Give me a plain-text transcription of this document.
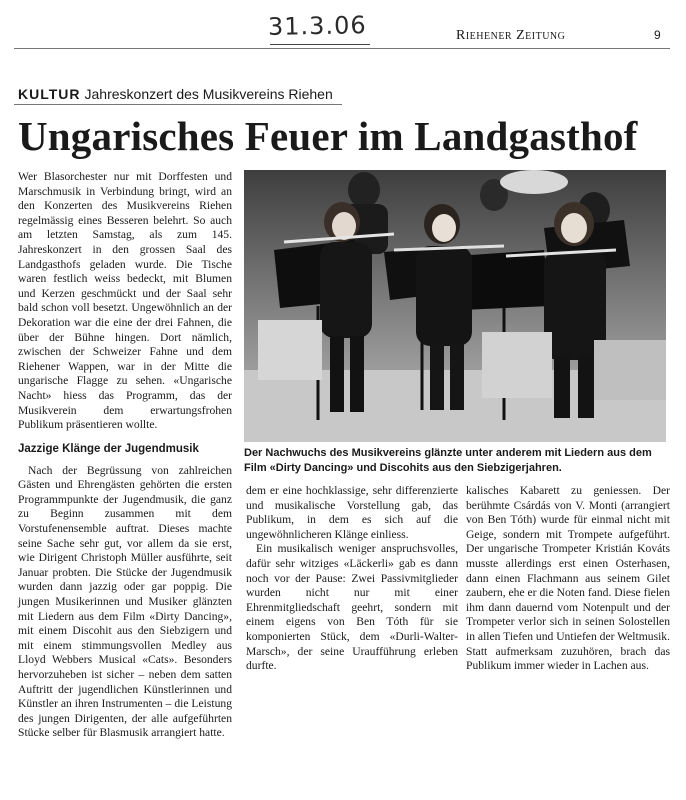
31.3.06	Riehener Zeitung	9
KULTUR Jahreskonzert des Musikvereins Riehen
Ungarisches Feuer im Landgasthof

Wer Blasorchester nur mit Dorffesten und Marschmusik in Verbindung bringt, wird an den Konzerten des Musikvereins Riehen regelmässig eines Besseren belehrt. So auch am letzten Samstag, als zum 145. Jahreskonzert in den grossen Saal des Landgasthofs geladen wurde. Die Tische waren festlich weiss bedeckt, mit Blumen und Kerzen geschmückt und der Saal sehr bald schon voll besetzt. Ungewöhnlich an der Dekoration war die eine der drei Fahnen, die über der Bühne hingen. Dort nämlich, zwischen der Schweizer Fahne und dem Riehener Wappen, war in der Mitte die ungarische Flagge zu sehen. «Ungarische Nacht» hiess das Programm, das der Musikverein dem erwartungsfrohen Publikum präsentieren wollte.

Jazzige Klänge der Jugendmusik

Nach der Begrüssung von zahlreichen Gästen und Ehrengästen gehörten die ersten Programmpunkte der Jugendmusik, die ganz zu Beginn zusammen mit dem Vorstufenensemble auftrat. Dieses machte seine Sache sehr gut, vor allem da sie erst, wie Dirigent Christoph Müller ausführte, seit Januar probten. Die Stücke der Jugendmusik wurden dann jazzig oder gar poppig. Die jungen Musikerinnen und Musiker glänzten mit Liedern aus dem Film «Dirty Dancing», mit einem Discohit aus den Siebzigern und mit einem stimmungsvollen Medley aus Lloyd Webbers Musical «Cats». Besonders hervorzuheben ist sicher – neben dem satten Auftritt der jugendlichen Künstlerinnen und Künstler an ihren Instrumenten – die Leistung des jungen Dirigenten, der alle aufgeführten Stücke selber für Blasmusik arrangiert hatte.

Der Nachwuchs des Musikvereins glänzte unter anderem mit Liedern aus dem Film «Dirty Dancing» und Discohits aus den Siebzigerjahren.

dem er eine hochklassige, sehr differenzierte und musikalische Vorstellung gab, das Publikum, in dem es sich auf die ungewöhnlicheren Klänge einliess.

Ein musikalisch weniger anspruchsvolles, dafür sehr witziges «Läckerli» gab es dann noch vor der Pause: Zwei Passivmitglieder wurden nicht nur mit einer Ehrenmitgliedschaft geehrt, sondern mit einem eigens von Ben Tóth für sie komponierten Stück, dem «Durli-Walter-Marsch», der seine Uraufführung erleben durfte.

kalisches Kabarett zu geniessen. Der berühmte Csárdás von V. Monti (arrangiert von Ben Tóth) wurde für einmal nicht mit Geige, sondern mit Trompete aufgeführt. Der ungarische Trompeter Kristián Kováts musste allerdings erst einen Osterhasen, dann einen Flachmann aus seinem Gilet zaubern, ehe er die Noten fand. Diese fielen ihm dann dauernd vom Notenpult und der Trompeter verlor sich in seinen Solostellen in allen Tiefen und Untiefen der Weltmusik. Statt aufmerksam zuzuhören, brach das Publikum immer wieder in Lachen aus.
